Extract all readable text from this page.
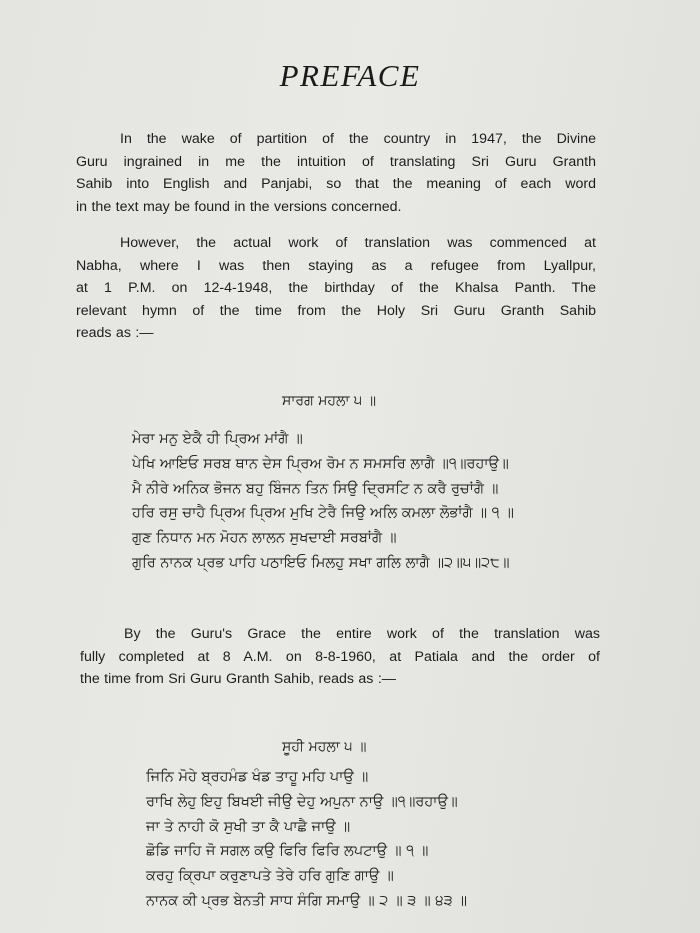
PREFACE

In the wake of partition of the country in 1947, the Divine
Guru ingrained in me the intuition of translating Sri Guru Granth
Sahib into English and Panjabi, so that the meaning of each word
in the text may be found in the versions concerned.

However, the actual work of translation was commenced at
Nabha, where I was then staying as a refugee from Lyallpur,
at 1 P.M. on 12-4-1948, the birthday of the Khalsa Panth. The
relevant hymn of the time from the Holy Sri Guru Granth Sahib
reads as :—

ਸਾਰਗ ਮਹਲਾ ੫ ॥
ਮੇਰਾ ਮਨੁ ਏਕੈ ਹੀ ਪ੍ਰਿਅ ਮਾਂਗੈ ॥
ਪੇਖਿ ਆਇਓ ਸਰਬ ਥਾਨ ਦੇਸ ਪ੍ਰਿਅ ਰੋਮ ਨ ਸਮਸਰਿ ਲਾਗੈ ॥੧॥ਰਹਾਉ॥
ਮੈ ਨੀਰੇ ਅਨਿਕ ਭੋਜਨ ਬਹੁ ਬਿੰਜਨ ਤਿਨ ਸਿਉ ਦ੍ਰਿਸਟਿ ਨ ਕਰੈ ਰੁਚਾਂਗੈ ॥
ਹਰਿ ਰਸੁ ਚਾਹੈ ਪ੍ਰਿਅ ਪ੍ਰਿਅ ਮੁਖਿ ਟੇਰੈ ਜਿਉ ਅਲਿ ਕਮਲਾ ਲੋਭਾਂਗੈ ॥ ੧ ॥
ਗੁਣ ਨਿਧਾਨ ਮਨ ਮੋਹਨ ਲਾਲਨ ਸੁਖਦਾਈ ਸਰਬਾਂਗੈ ॥
ਗੁਰਿ ਨਾਨਕ ਪ੍ਰਭ ਪਾਹਿ ਪਠਾਇਓ ਮਿਲਹੁ ਸਖਾ ਗਲਿ ਲਾਗੈ ॥੨॥੫॥੨੮॥

By the Guru's Grace the entire work of the translation was
fully completed at 8 A.M. on 8-8-1960, at Patiala and the order of
the time from Sri Guru Granth Sahib, reads as :—

ਸੂਹੀ ਮਹਲਾ ੫ ॥
ਜਿਨਿ ਮੋਹੇ ਬ੍ਰਹਮੰਡ ਖੰਡ ਤਾਹੂ ਮਹਿ ਪਾਉ ॥
ਰਾਖਿ ਲੇਹੁ ਇਹੁ ਬਿਖਈ ਜੀਉ ਦੇਹੁ ਅਪੁਨਾ ਨਾਉ ॥੧॥ਰਹਾਉ॥
ਜਾ ਤੇ ਨਾਹੀ ਕੋ ਸੁਖੀ ਤਾ ਕੈ ਪਾਛੈ ਜਾਉ ॥
ਛੋਡਿ ਜਾਹਿ ਜੋ ਸਗਲ ਕਉ ਫਿਰਿ ਫਿਰਿ ਲਪਟਾਉ ॥ ੧ ॥
ਕਰਹੁ ਕ੍ਰਿਪਾ ਕਰੁਣਾਪਤੇ ਤੇਰੇ ਹਰਿ ਗੁਣਿ ਗਾਉ ॥
ਨਾਨਕ ਕੀ ਪ੍ਰਭ ਬੇਨਤੀ ਸਾਧ ਸੰਗਿ ਸਮਾਉ ॥ ੨ ॥ ੩ ॥ ੪੩ ॥
